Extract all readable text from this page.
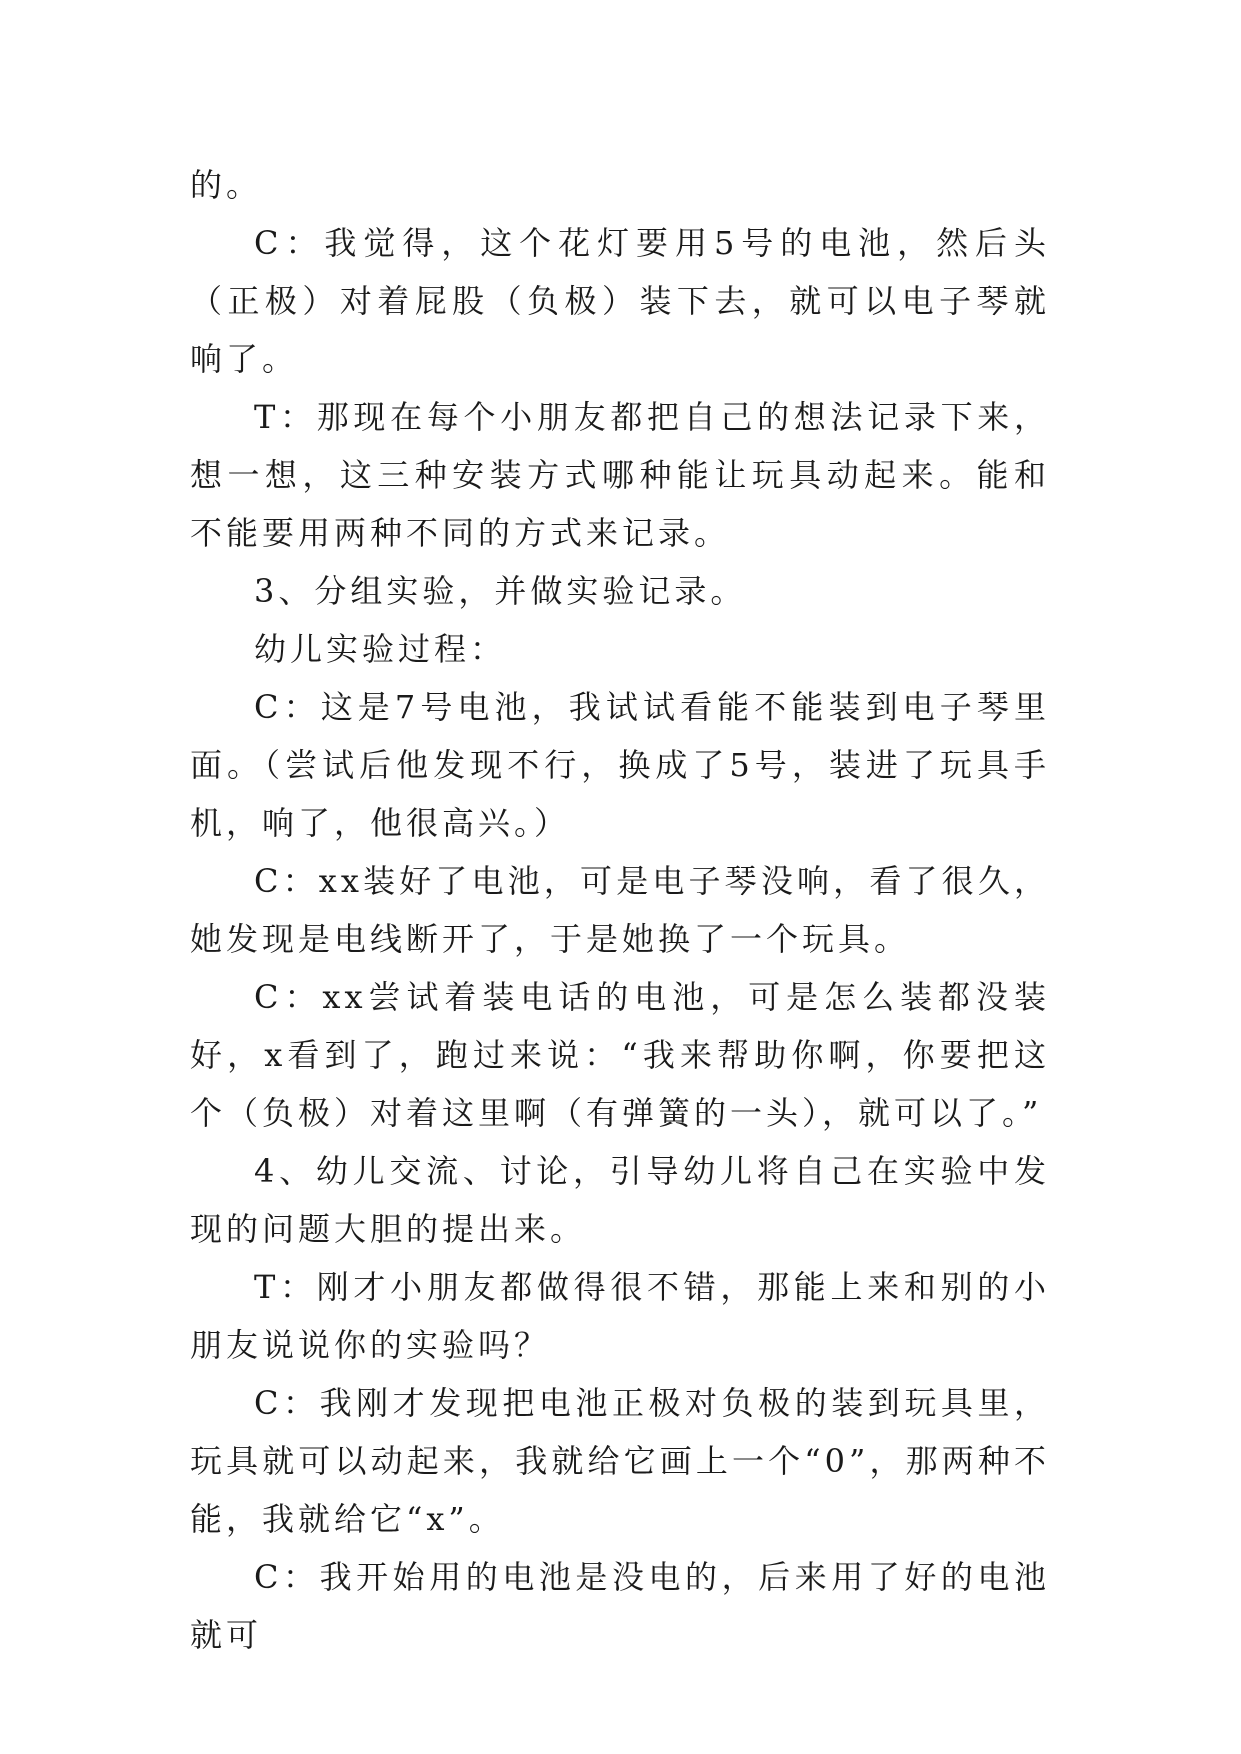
的。

C：我觉得，这个花灯要用5号的电池，然后头（正极）对着屁股（负极）装下去，就可以电子琴就响了。

T：那现在每个小朋友都把自己的想法记录下来，想一想，这三种安装方式哪种能让玩具动起来。能和不能要用两种不同的方式来记录。

3、分组实验，并做实验记录。

幼儿实验过程：

C：这是7号电池，我试试看能不能装到电子琴里面。（尝试后他发现不行，换成了5号，装进了玩具手机，响了，他很高兴。）

C：xx装好了电池，可是电子琴没响，看了很久，她发现是电线断开了，于是她换了一个玩具。

C：xx尝试着装电话的电池，可是怎么装都没装好，x看到了，跑过来说：“我来帮助你啊，你要把这个（负极）对着这里啊（有弹簧的一头），就可以了。”

4、幼儿交流、讨论，引导幼儿将自己在实验中发现的问题大胆的提出来。

T：刚才小朋友都做得很不错，那能上来和别的小朋友说说你的实验吗？

C：我刚才发现把电池正极对负极的装到玩具里，玩具就可以动起来，我就给它画上一个“0”，那两种不能，我就给它“x”。

C：我开始用的电池是没电的，后来用了好的电池就可
